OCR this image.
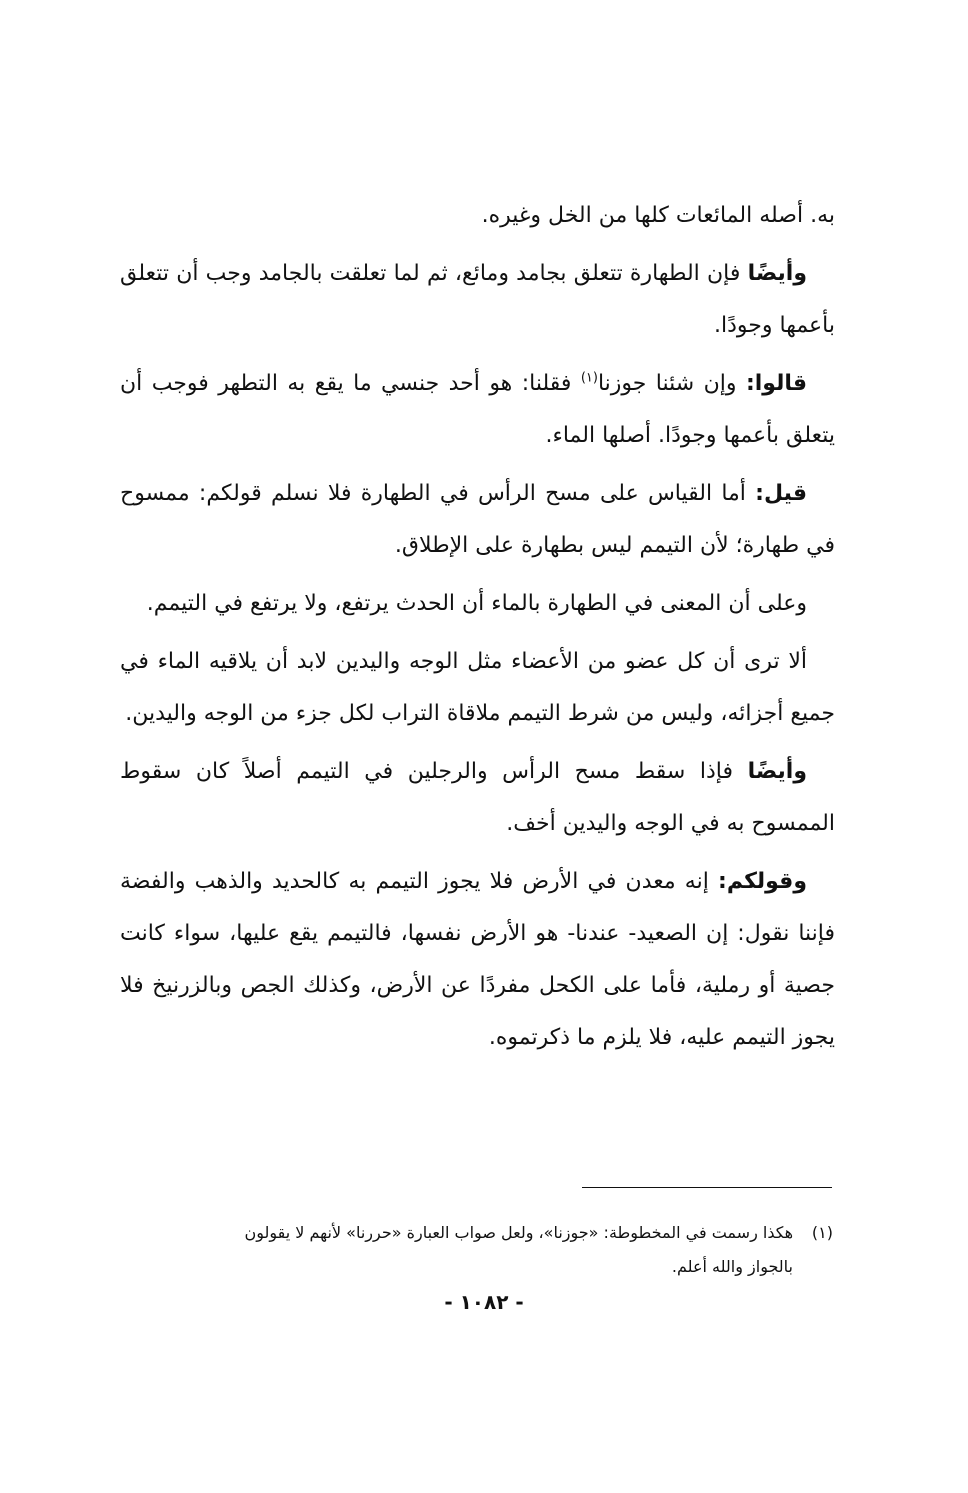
به. أصله المائعات كلها من الخل وغيره.

وأيضًا فإن الطهارة تتعلق بجامد ومائع، ثم لما تعلقت بالجامد وجب أن تتعلق بأعمها وجودًا.

قالوا: وإن شئنا جوزنا$^{(١)}$ فقلنا: هو أحد جنسي ما يقع به التطهر فوجب أن يتعلق بأعمها وجودًا. أصلها الماء.

قيل: أما القياس على مسح الرأس في الطهارة فلا نسلم قولكم: ممسوح في طهارة؛ لأن التيمم ليس بطهارة على الإطلاق.

وعلى أن المعنى في الطهارة بالماء أن الحدث يرتفع، ولا يرتفع في التيمم.

ألا ترى أن كل عضو من الأعضاء مثل الوجه واليدين لابد أن يلاقيه الماء في جميع أجزائه، وليس من شرط التيمم ملاقاة التراب لكل جزء من الوجه واليدين.

وأيضًا فإذا سقط مسح الرأس والرجلين في التيمم أصلاً كان سقوط الممسوح به في الوجه واليدين أخف.

وقولكم: إنه معدن في الأرض فلا يجوز التيمم به كالحديد والذهب والفضة فإننا نقول: إن الصعيد- عندنا- هو الأرض نفسها، فالتيمم يقع عليها، سواء كانت جصية أو رملية، فأما على الكحل مفردًا عن الأرض، وكذلك الجص وبالزرنيخ فلا يجوز التيمم عليه، فلا يلزم ما ذكرتموه.

(١)هكذا رسمت في المخطوطة: «جوزنا»، ولعل صواب العبارة «حررنا» لأنهم لا يقولون
بالجواز والله أعلم.
- ١٠٨٢ -
